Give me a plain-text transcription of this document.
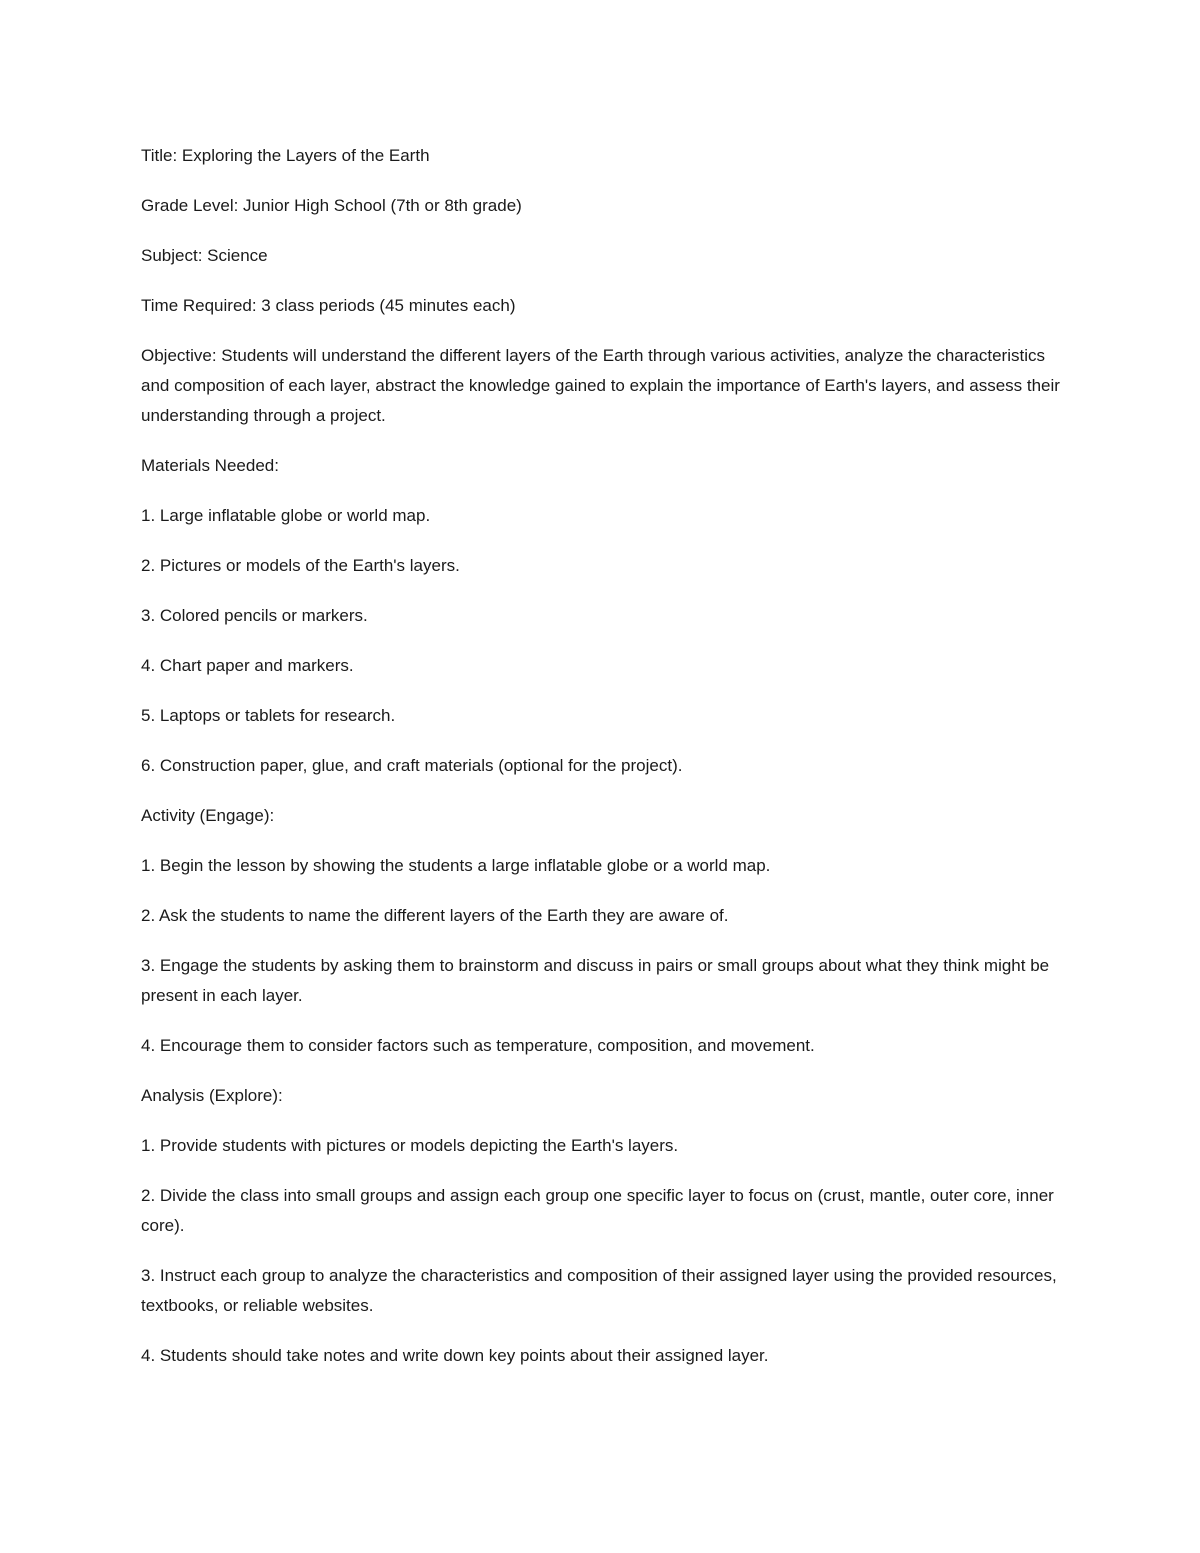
Title: Exploring the Layers of the Earth

Grade Level: Junior High School (7th or 8th grade)

Subject: Science

Time Required: 3 class periods (45 minutes each)

Objective: Students will understand the different layers of the Earth through various activities, analyze the characteristics and composition of each layer, abstract the knowledge gained to explain the importance of Earth's layers, and assess their understanding through a project.

Materials Needed:

1. Large inflatable globe or world map.

2. Pictures or models of the Earth's layers.

3. Colored pencils or markers.

4. Chart paper and markers.

5. Laptops or tablets for research.

6. Construction paper, glue, and craft materials (optional for the project).

Activity (Engage):

1. Begin the lesson by showing the students a large inflatable globe or a world map.

2. Ask the students to name the different layers of the Earth they are aware of.

3. Engage the students by asking them to brainstorm and discuss in pairs or small groups about what they think might be present in each layer.

4. Encourage them to consider factors such as temperature, composition, and movement.

Analysis (Explore):

1. Provide students with pictures or models depicting the Earth's layers.

2. Divide the class into small groups and assign each group one specific layer to focus on (crust, mantle, outer core, inner core).

3. Instruct each group to analyze the characteristics and composition of their assigned layer using the provided resources, textbooks, or reliable websites.

4. Students should take notes and write down key points about their assigned layer.
